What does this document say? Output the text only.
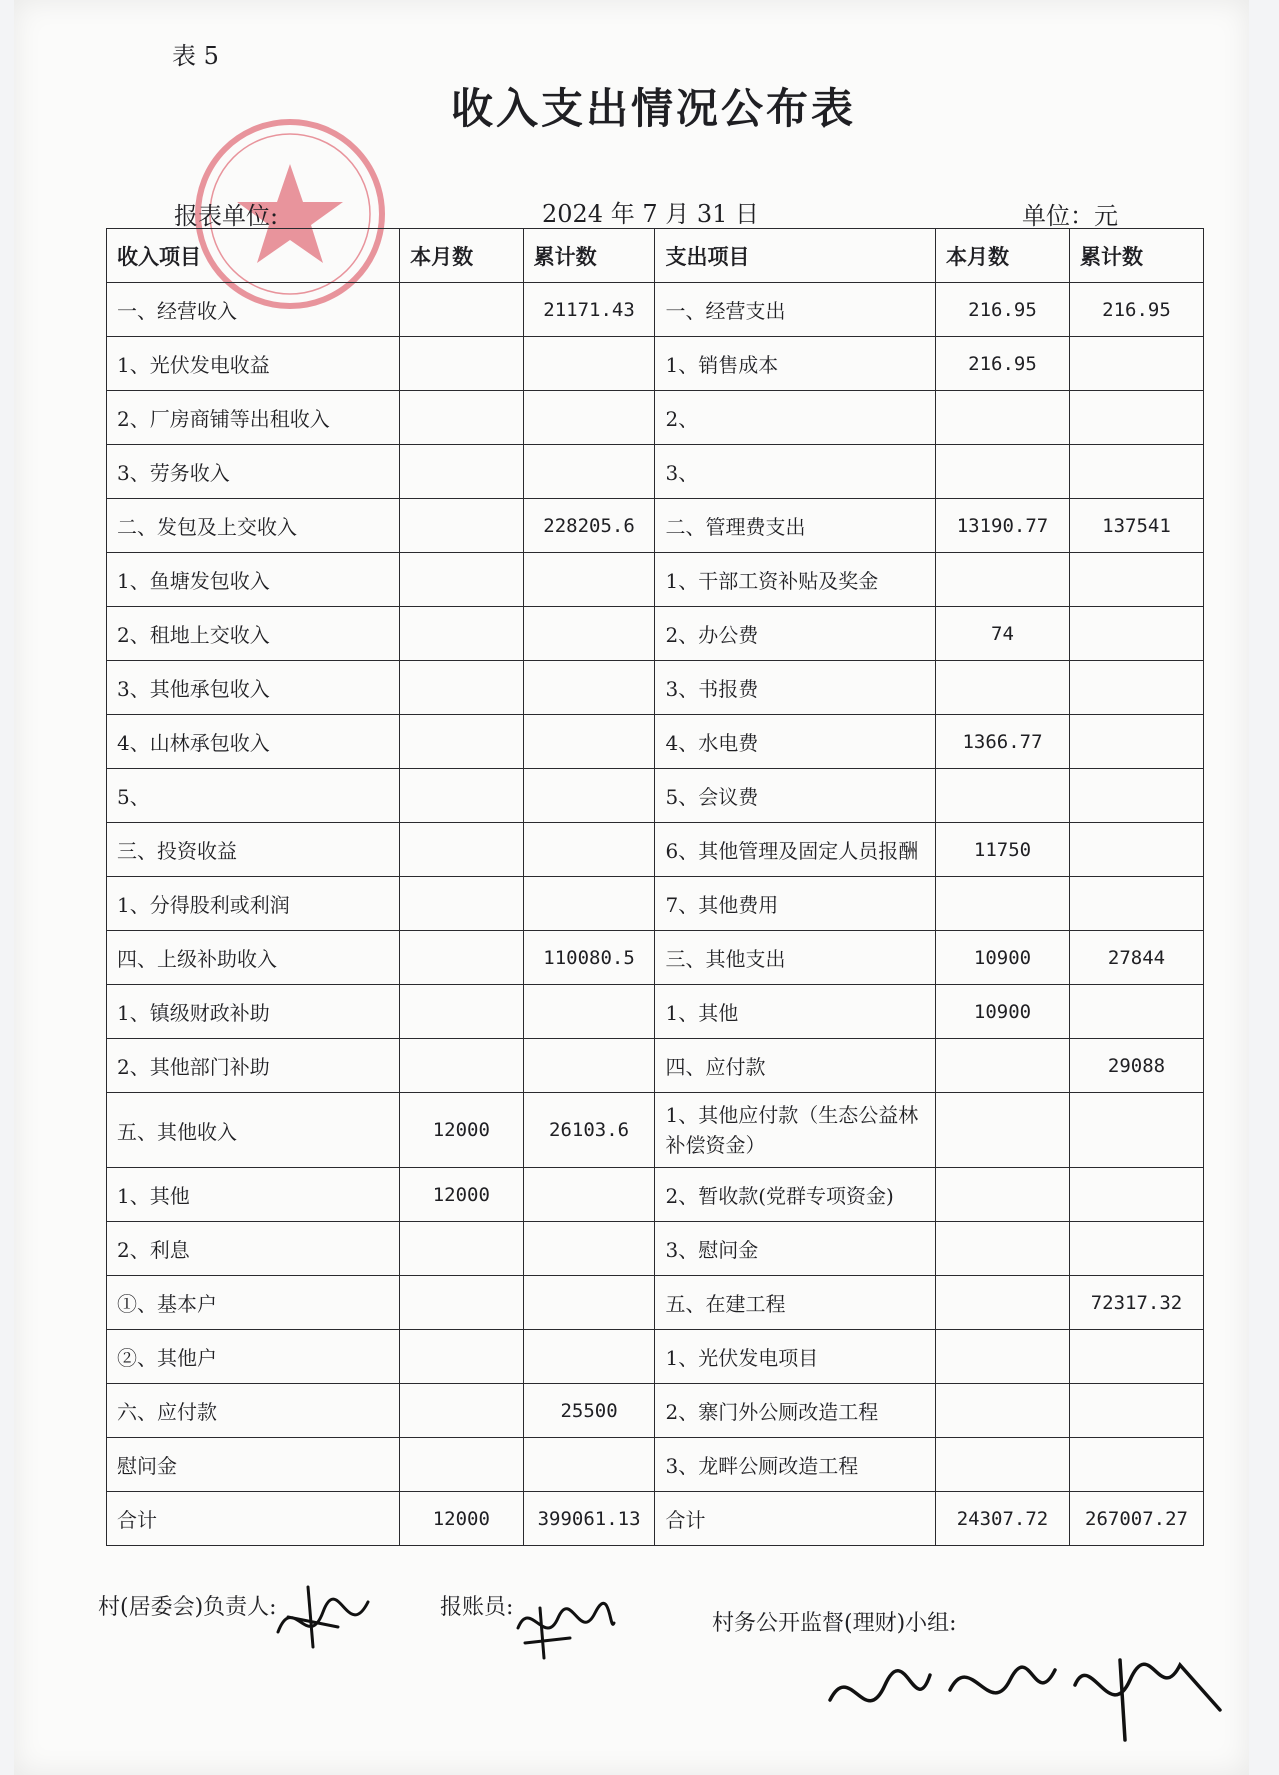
表 5
收入支出情况公布表
报表单位:	2024 年 7 月 31 日	单位：元
收入项目	本月数	累计数	支出项目	本月数	累计数
一、经营收入		21171.43	一、经营支出	216.95	216.95
1、光伏发电收益			1、销售成本	216.95	
2、厂房商铺等出租收入			2、		
3、劳务收入			3、		
二、发包及上交收入		228205.6	二、管理费支出	13190.77	137541
1、鱼塘发包收入			1、干部工资补贴及奖金		
2、租地上交收入			2、办公费	74	
3、其他承包收入			3、书报费		
4、山林承包收入			4、水电费	1366.77	
5、			5、会议费		
三、投资收益			6、其他管理及固定人员报酬	11750	
1、分得股利或利润			7、其他费用		
四、上级补助收入		110080.5	三、其他支出	10900	27844
1、镇级财政补助			1、其他	10900	
2、其他部门补助			四、应付款		29088
五、其他收入	12000	26103.6	1、其他应付款（生态公益林补偿资金）		
1、其他	12000		2、暂收款(党群专项资金)		
2、利息			3、慰问金		
①、基本户			五、在建工程		72317.32
②、其他户			1、光伏发电项目		
六、应付款		25500	2、寨门外公厕改造工程		
慰问金			3、龙畔公厕改造工程		
合计	12000	399061.13	合计	24307.72	267007.27
村(居委会)负责人:	报账员:
村务公开监督(理财)小组:
